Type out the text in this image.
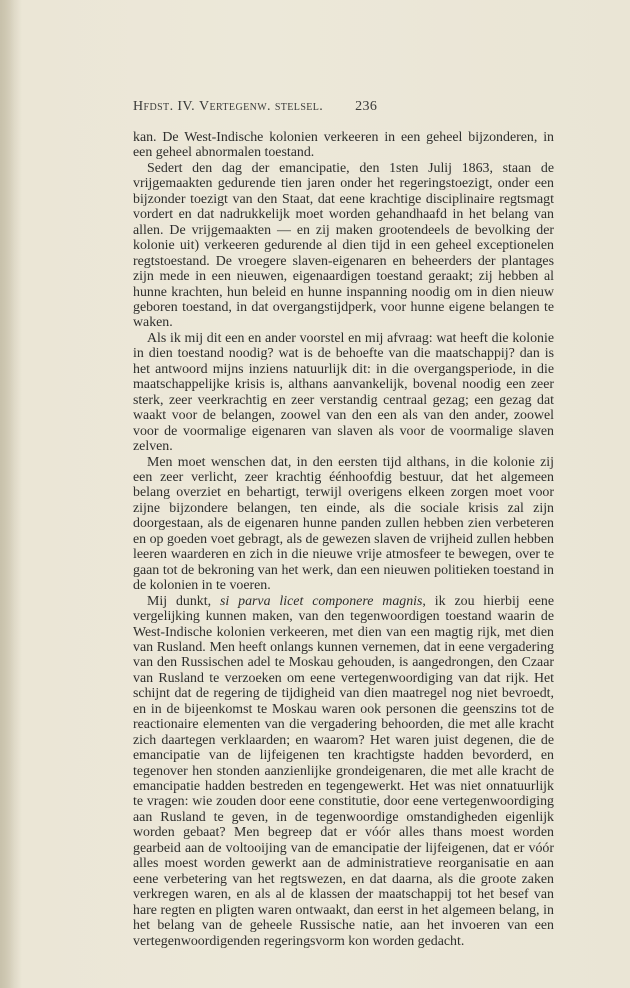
Hfdst. IV. Vertegenw. stelsel. 236

kan. De West-Indische kolonien verkeeren in een geheel bijzonderen, in een geheel abnormalen toestand.

Sedert den dag der emancipatie, den 1sten Julij 1863, staan de vrijgemaakten gedurende tien jaren onder het regeringstoezigt, onder een bijzonder toezigt van den Staat, dat eene krachtige disciplinaire regtsmagt vordert en dat nadrukkelijk moet worden gehandhaafd in het belang van allen. De vrijgemaakten — en zij maken grootendeels de bevolking der kolonie uit) verkeeren gedurende al dien tijd in een geheel exceptionelen regtstoestand. De vroegere slaven-eigenaren en beheerders der plantages zijn mede in een nieuwen, eigenaardigen toestand geraakt; zij hebben al hunne krachten, hun beleid en hunne inspanning noodig om in dien nieuw geboren toestand, in dat overgangstijdperk, voor hunne eigene belangen te waken.

Als ik mij dit een en ander voorstel en mij afvraag: wat heeft die kolonie in dien toestand noodig? wat is de behoefte van die maatschappij? dan is het antwoord mijns inziens natuurlijk dit: in die overgangsperiode, in die maatschappelijke krisis is, althans aanvankelijk, bovenal noodig een zeer sterk, zeer veerkrachtig en zeer verstandig centraal gezag; een gezag dat waakt voor de belangen, zoowel van den een als van den ander, zoowel voor de voormalige eigenaren van slaven als voor de voormalige slaven zelven.

Men moet wenschen dat, in den eersten tijd althans, in die kolonie zij een zeer verlicht, zeer krachtig éénhoofdig bestuur, dat het algemeen belang overziet en behartigt, terwijl overigens elkeen zorgen moet voor zijne bijzondere belangen, ten einde, als die sociale krisis zal zijn doorgestaan, als de eigenaren hunne panden zullen hebben zien verbeteren en op goeden voet gebragt, als de gewezen slaven de vrijheid zullen hebben leeren waarderen en zich in die nieuwe vrije atmosfeer te bewegen, over te gaan tot de bekroning van het werk, dan een nieuwen politieken toestand in de kolonien in te voeren.

Mij dunkt, si parva licet componere magnis, ik zou hierbij eene vergelijking kunnen maken, van den tegenwoordigen toestand waarin de West-Indische kolonien verkeeren, met dien van een magtig rijk, met dien van Rusland. Men heeft onlangs kunnen vernemen, dat in eene vergadering van den Russischen adel te Moskau gehouden, is aangedrongen, den Czaar van Rusland te verzoeken om eene vertegenwoordiging van dat rijk. Het schijnt dat de regering de tijdigheid van dien maatregel nog niet bevroedt, en in de bijeenkomst te Moskau waren ook personen die geenszins tot de reactionaire elementen van die vergadering behoorden, die met alle kracht zich daartegen verklaarden; en waarom? Het waren juist degenen, die de emancipatie van de lijfeigenen ten krachtigste hadden bevorderd, en tegenover hen stonden aanzienlijke grondeigenaren, die met alle kracht de emancipatie hadden bestreden en tegengewerkt. Het was niet onnatuurlijk te vragen: wie zouden door eene constitutie, door eene vertegenwoordiging aan Rusland te geven, in de tegenwoordige omstandigheden eigenlijk worden gebaat? Men begreep dat er vóór alles thans moest worden gearbeid aan de voltooijing van de emancipatie der lijfeigenen, dat er vóór alles moest worden gewerkt aan de administratieve reorganisatie en aan eene verbetering van het regtswezen, en dat daarna, als die groote zaken verkregen waren, en als al de klassen der maatschappij tot het besef van hare regten en pligten waren ontwaakt, dan eerst in het algemeen belang, in het belang van de geheele Russische natie, aan het invoeren van een vertegenwoordigenden regeringsvorm kon worden gedacht.
